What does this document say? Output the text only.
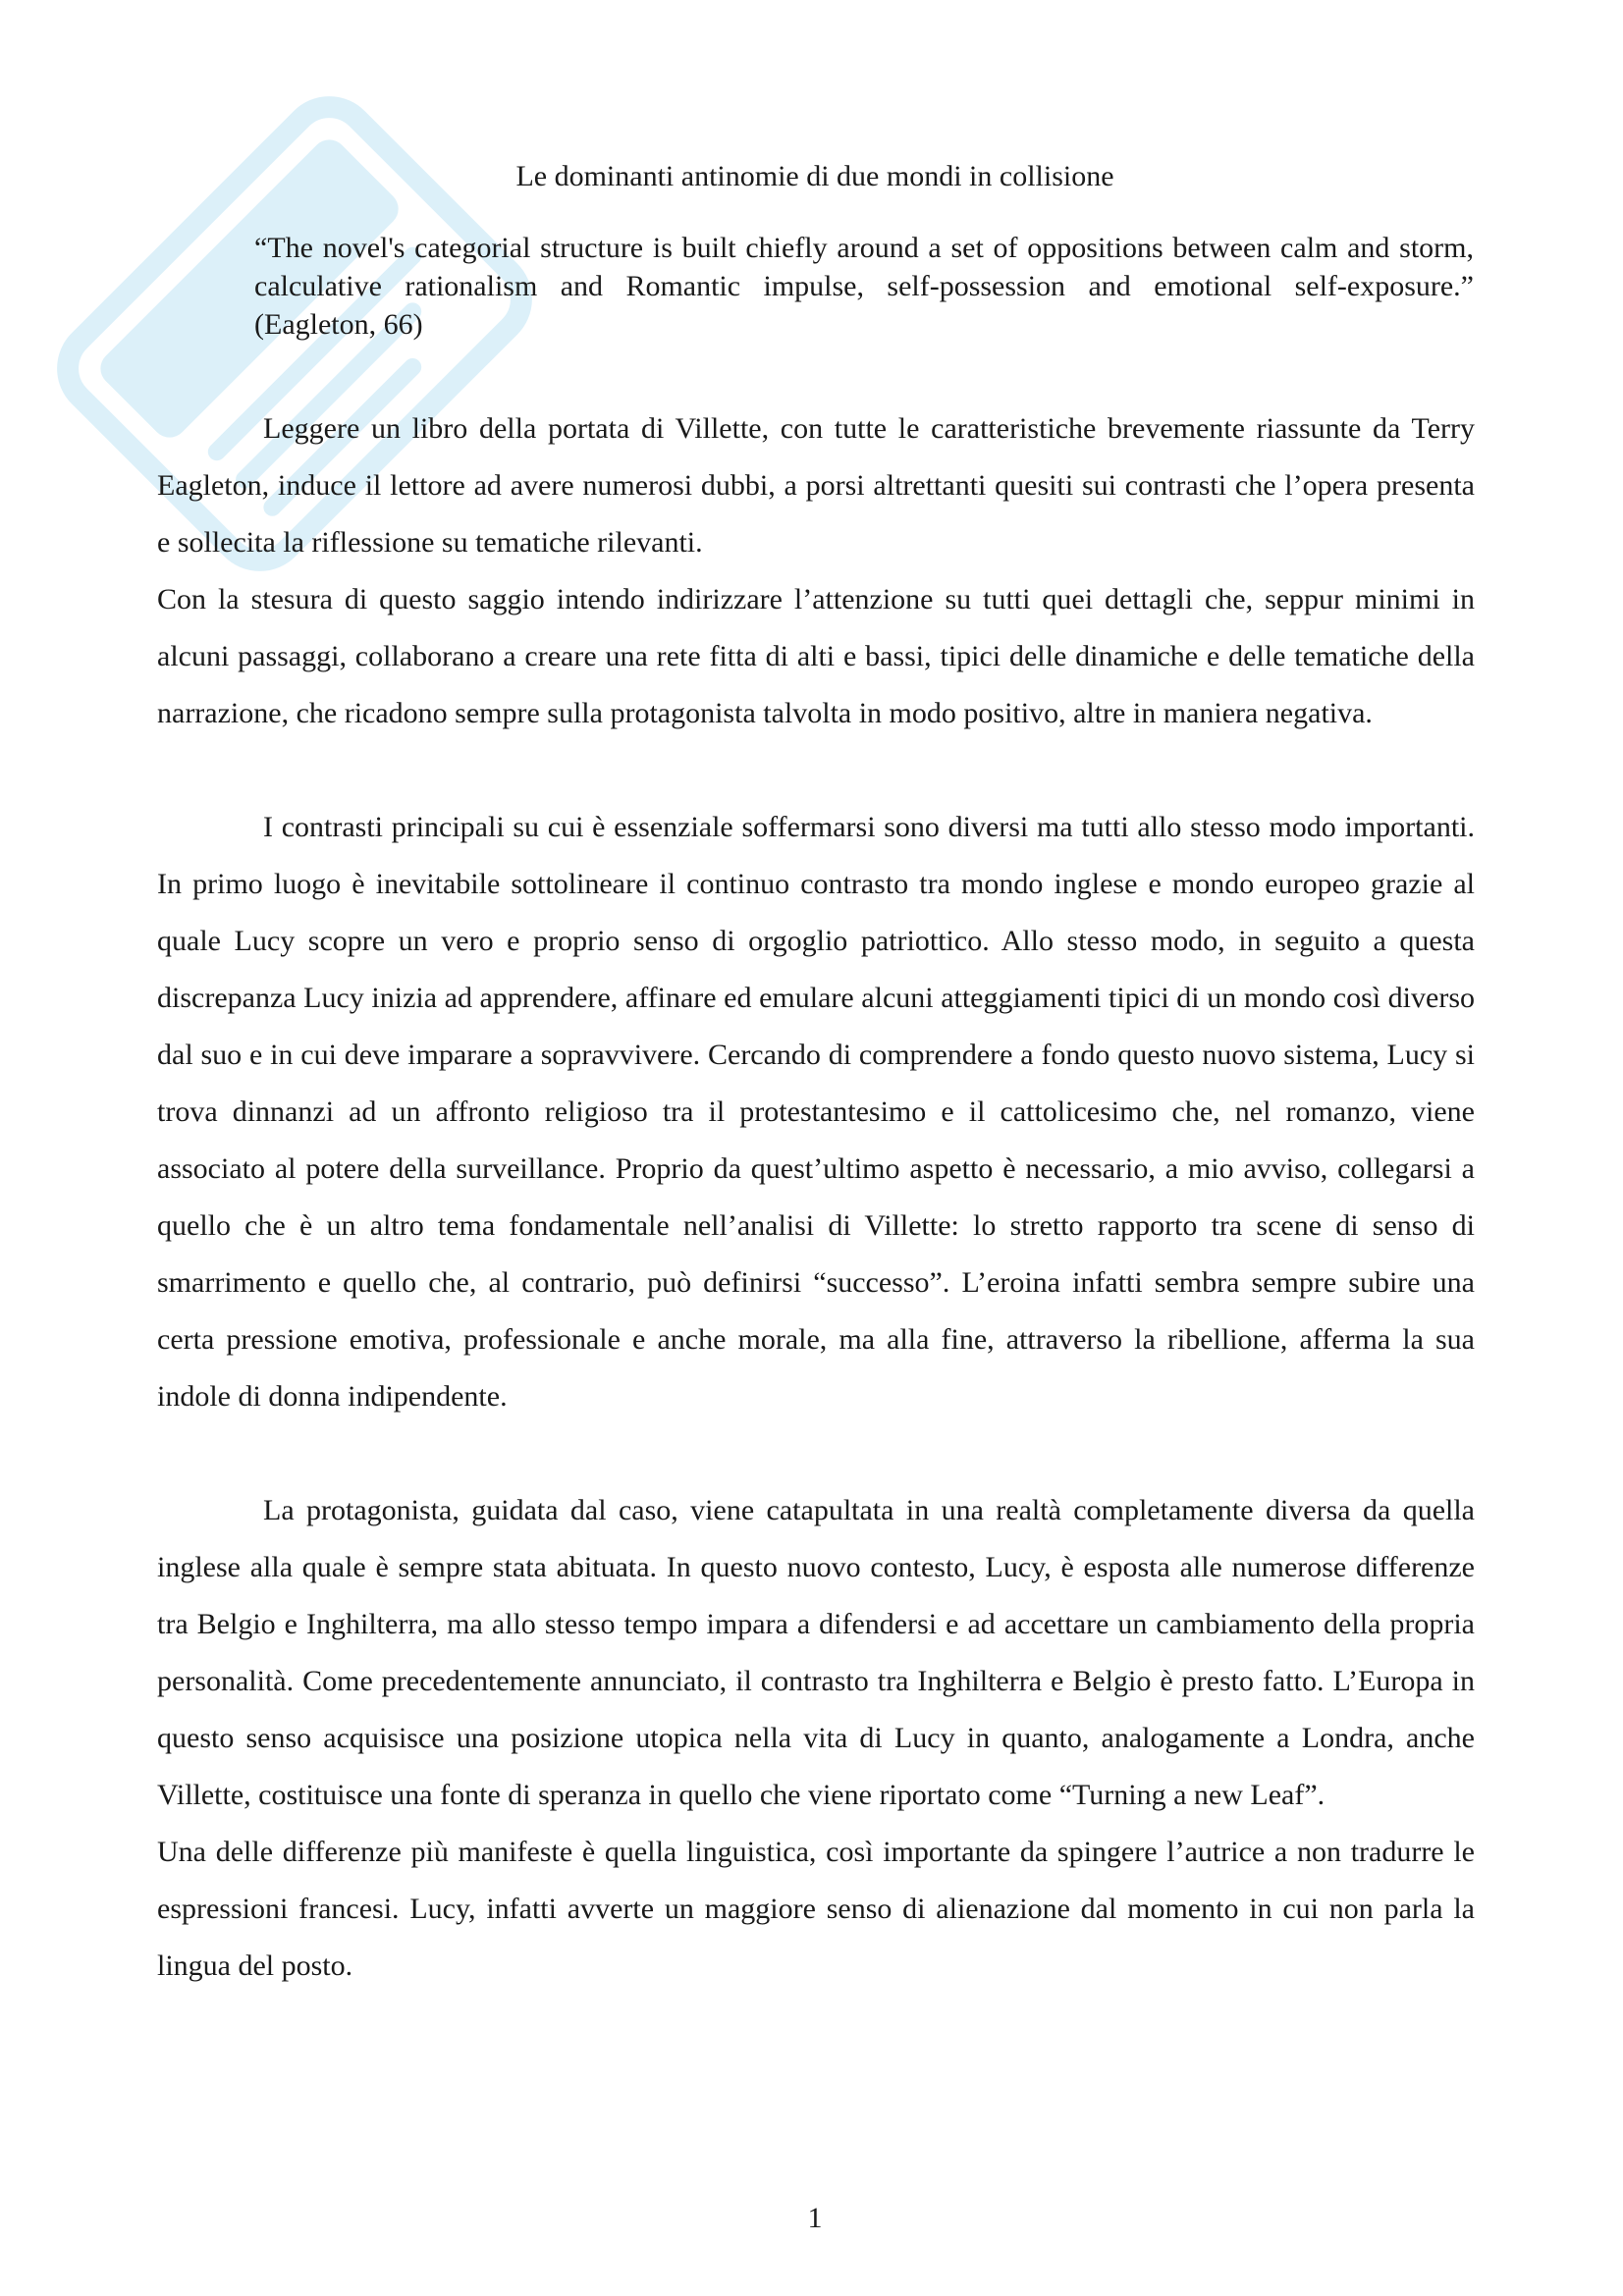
Le dominanti antinomie di due mondi in collisione

“The novel's categorial structure is built chiefly around a set of oppositions between calm and storm, calculative rationalism and Romantic impulse, self-possession and emotional self-exposure.” (Eagleton, 66)

Leggere un libro della portata di Villette, con tutte le caratteristiche brevemente riassunte da Terry Eagleton, induce il lettore ad avere numerosi dubbi, a porsi altrettanti quesiti sui contrasti che l’opera presenta e sollecita la riflessione su tematiche rilevanti.

Con la stesura di questo saggio intendo indirizzare l’attenzione su tutti quei dettagli che, seppur minimi in alcuni passaggi, collaborano a creare una rete fitta di alti e bassi, tipici delle dinamiche e delle tematiche della narrazione, che ricadono sempre sulla protagonista talvolta in modo positivo, altre in maniera negativa.

I contrasti principali su cui è essenziale soffermarsi sono diversi ma tutti allo stesso modo importanti. In primo luogo è inevitabile sottolineare il continuo contrasto tra mondo inglese e mondo europeo grazie al quale Lucy scopre un vero e proprio senso di orgoglio patriottico. Allo stesso modo, in seguito a questa discrepanza Lucy inizia ad apprendere, affinare ed emulare alcuni atteggiamenti tipici di un mondo così diverso dal suo e in cui deve imparare a sopravvivere. Cercando di comprendere a fondo questo nuovo sistema, Lucy si trova dinnanzi ad un affronto religioso tra il protestantesimo e il cattolicesimo che, nel romanzo, viene associato al potere della surveillance. Proprio da quest’ultimo aspetto è necessario, a mio avviso, collegarsi a quello che è un altro tema fondamentale nell’analisi di Villette: lo stretto rapporto tra scene di senso di smarrimento e quello che, al contrario, può definirsi “successo”. L’eroina infatti sembra sempre subire una certa pressione emotiva, professionale e anche morale, ma alla fine, attraverso la ribellione, afferma la sua indole di donna indipendente.

La protagonista, guidata dal caso, viene catapultata in una realtà completamente diversa da quella inglese alla quale è sempre stata abituata. In questo nuovo contesto, Lucy, è esposta alle numerose differenze tra Belgio e Inghilterra, ma allo stesso tempo impara a difendersi e ad accettare un cambiamento della propria personalità. Come precedentemente annunciato, il contrasto tra Inghilterra e Belgio è presto fatto. L’Europa in questo senso acquisisce una posizione utopica nella vita di Lucy in quanto, analogamente a Londra, anche Villette, costituisce una fonte di speranza in quello che viene riportato come “Turning a new Leaf”.

Una delle differenze più manifeste è quella linguistica, così importante da spingere l’autrice a non tradurre le espressioni francesi. Lucy, infatti avverte un maggiore senso di alienazione dal momento in cui non parla la lingua del posto.

1
